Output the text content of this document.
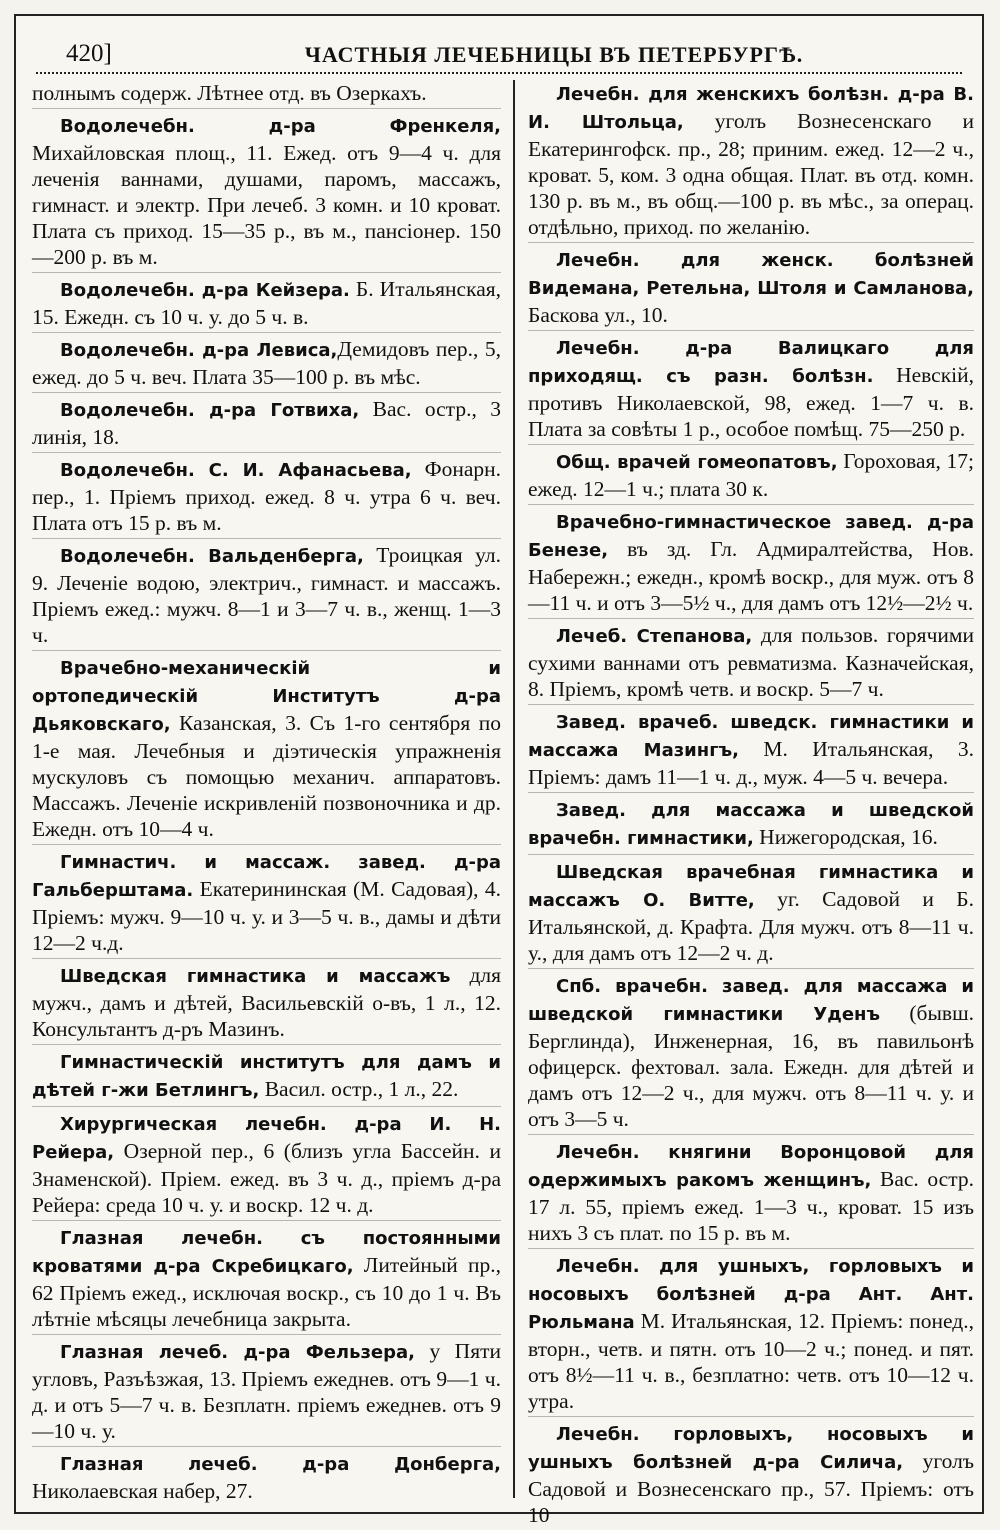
420]	ЧАСТНЫЯ ЛЕЧЕБНИЦЫ ВЪ ПЕТЕРБУРГѢ.

полнымъ содерж. Лѣтнее отд. въ Озеркахъ.

Водолечебн. д-ра Френкеля, Михайловская площ., 11. Ежед. отъ 9—4 ч. для леченія ваннами, душами, паромъ, массажъ, гимнаст. и электр. При лечеб. 3 комн. и 10 кроват. Плата съ приход. 15—35 р., въ м., пансіонер. 150—200 р. въ м.

Водолечебн. д-ра Кейзера. Б. Итальянская, 15. Ежедн. съ 10 ч. у. до 5 ч. в.

Водолечебн. д-ра Левиса,Демидовъ пер., 5, ежед. до 5 ч. веч. Плата 35—100 р. въ мѣс.

Водолечебн. д-ра Готвиха, Вас. остр., 3 линія, 18.

Водолечебн. С. И. Афанасьева, Фонарн. пер., 1. Пріемъ приход. ежед. 8 ч. утра 6 ч. веч. Плата отъ 15 р. въ м.

Водолечебн. Вальденберга, Троицкая ул. 9. Леченіе водою, электрич., гимнаст. и массажъ. Пріемъ ежед.: мужч. 8—1 и 3—7 ч. в., женщ. 1—3 ч.

Врачебно-механическій и ортопедическій Институтъ д-ра Дьяковскаго, Казанская, 3. Съ 1-го сентября по 1-е мая. Лечебныя и діэтическія упражненія мускуловъ съ помощью механич. аппаратовъ. Массажъ. Леченіе искривленій позвоночника и др. Ежедн. отъ 10—4 ч.

Гимнастич. и массаж. завед. д-ра Гальберштама. Екатерининская (М. Садовая), 4. Пріемъ: мужч. 9—10 ч. у. и 3—5 ч. в., дамы и дѣти 12—2 ч.д.

Шведская гимнастика и массажъ для мужч., дамъ и дѣтей, Васильевскій о-въ, 1 л., 12. Консультантъ д-ръ Мазинъ.

Гимнастическій институтъ для дамъ и дѣтей г-жи Бетлингъ, Васил. остр., 1 л., 22.

Хирургическая лечебн. д-ра И. Н. Рейера, Озерной пер., 6 (близъ угла Бассейн. и Знаменской). Пріем. ежед. въ 3 ч. д., пріемъ д-ра Рейера: среда 10 ч. у. и воскр. 12 ч. д.

Глазная лечебн. съ постоянными кроватями д-ра Скребицкаго, Литейный пр., 62 Пріемъ ежед., исключая воскр., съ 10 до 1 ч. Въ лѣтніе мѣсяцы лечебница закрыта.

Глазная лечеб. д-ра Фельзера, у Пяти угловъ, Разъѣзжая, 13. Пріемъ ежеднев. отъ 9—1 ч. д. и отъ 5—7 ч. в. Безплатн. пріемъ ежеднев. отъ 9—10 ч. у.

Глазная лечеб. д-ра Донберга, Николаевская набер, 27.

Лечебн. для женскихъ болѣзн. д-ра В. И. Штольца, уголъ Вознесенскаго и Екатерингофск. пр., 28; приним. ежед. 12—2 ч., кроват. 5, ком. 3 одна общая. Плат. въ отд. комн. 130 р. въ м., въ общ.—100 р. въ мѣс., за операц. отдѣльно, приход. по желанію.

Лечебн. для женск. болѣзней Видемана, Ретельна, Штоля и Самланова, Баскова ул., 10.

Лечебн. д-ра Валицкаго для приходящ. съ разн. болѣзн. Невскій, противъ Николаевской, 98, ежед. 1—7 ч. в. Плата за совѣты 1 р., особое помѣщ. 75—250 р.

Общ. врачей гомеопатовъ, Гороховая, 17; ежед. 12—1 ч.; плата 30 к.

Врачебно-гимнастическое завед. д-ра Бенезе, въ зд. Гл. Адмиралтейства, Нов. Набережн.; ежедн., кромѣ воскр., для муж. отъ 8—11 ч. и отъ 3—5½ ч., для дамъ отъ 12½—2½ ч.

Лечеб. Степанова, для пользов. горячими сухими ваннами отъ ревматизма. Казначейская, 8. Пріемъ, кромѣ четв. и воскр. 5—7 ч.

Завед. врачеб. шведск. гимнастики и массажа Мазингъ, М. Итальянская, 3. Пріемъ: дамъ 11—1 ч. д., муж. 4—5 ч. вечера.

Завед. для массажа и шведской врачебн. гимнастики, Нижегородская, 16.

Шведская врачебная гимнастика и массажъ О. Витте, уг. Садовой и Б. Итальянской, д. Крафта. Для мужч. отъ 8—11 ч. у., для дамъ отъ 12—2 ч. д.

Спб. врачебн. завед. для массажа и шведской гимнастики Уденъ (бывш. Берглинда), Инженерная, 16, въ павильонѣ офицерск. фехтовал. зала. Ежедн. для дѣтей и дамъ отъ 12—2 ч., для мужч. отъ 8—11 ч. у. и отъ 3—5 ч.

Лечебн. княгини Воронцовой для одержимыхъ ракомъ женщинъ, Вас. остр. 17 л. 55, пріемъ ежед. 1—3 ч., кроват. 15 изъ нихъ 3 съ плат. по 15 р. въ м.

Лечебн. для ушныхъ, горловыхъ и носовыхъ болѣзней д-ра Ант. Ант. Рюльмана М. Итальянская, 12. Пріемъ: понед., вторн., четв. и пятн. отъ 10—2 ч.; понед. и пят. отъ 8½—11 ч. в., безплатно: четв. отъ 10—12 ч. утра.

Лечебн. горловыхъ, носовыхъ и ушныхъ болѣзней д-ра Силича, уголъ Садовой и Вознесенскаго пр., 57. Пріемъ: отъ 10
